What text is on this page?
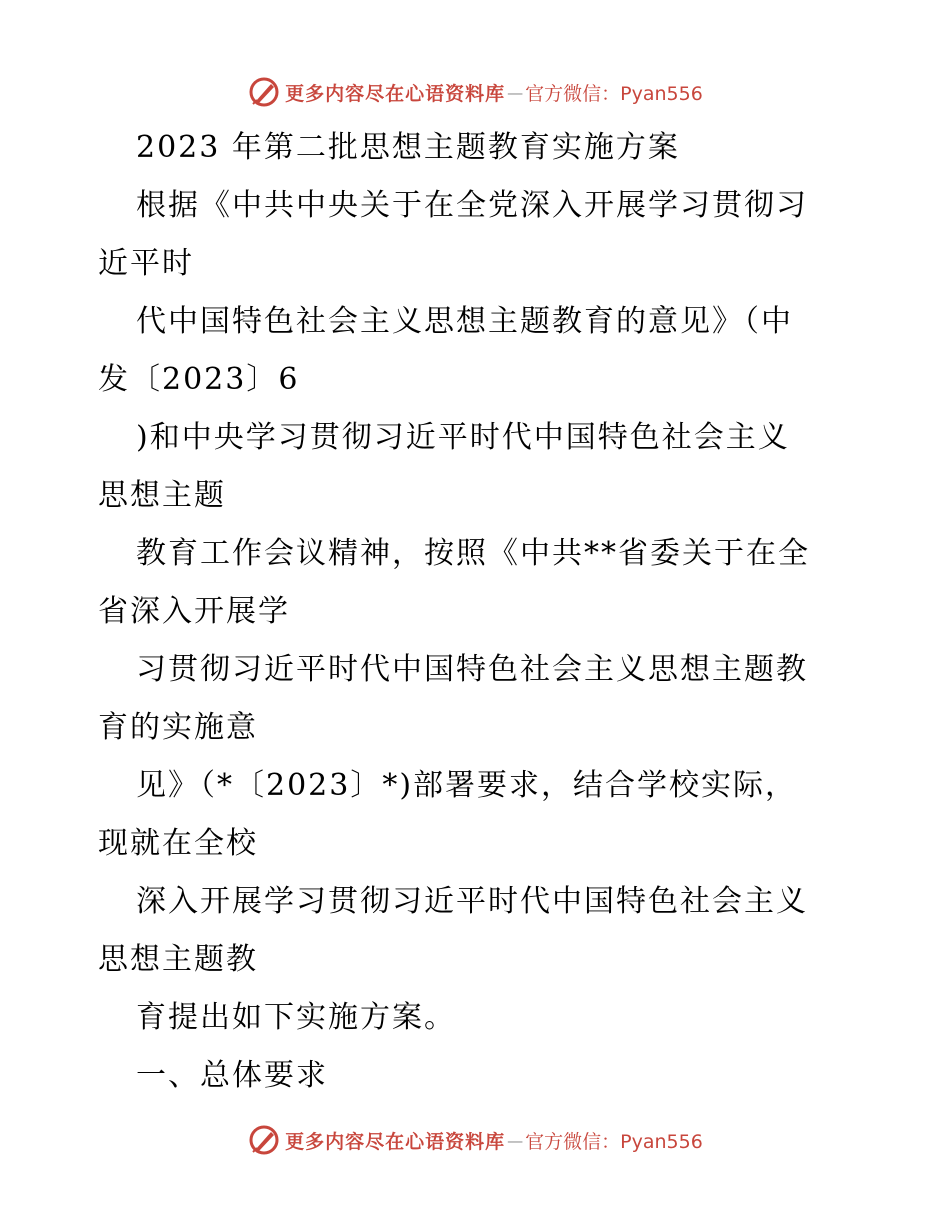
更多内容尽在心语资料库 — 官方微信：Pyan556

2023 年第二批思想主题教育实施方案

根据《中共中央关于在全党深入开展学习贯彻习

近平时

代中国特色社会主义思想主题教育的意见》（中

发〔2023〕6

)和中央学习贯彻习近平时代中国特色社会主义

思想主题

教育工作会议精神，按照《中共**省委关于在全

省深入开展学

习贯彻习近平时代中国特色社会主义思想主题教

育的实施意

见》（*〔2023〕*)部署要求，结合学校实际，

现就在全校

深入开展学习贯彻习近平时代中国特色社会主义

思想主题教

育提出如下实施方案。

一、总体要求

更多内容尽在心语资料库 — 官方微信：Pyan556
